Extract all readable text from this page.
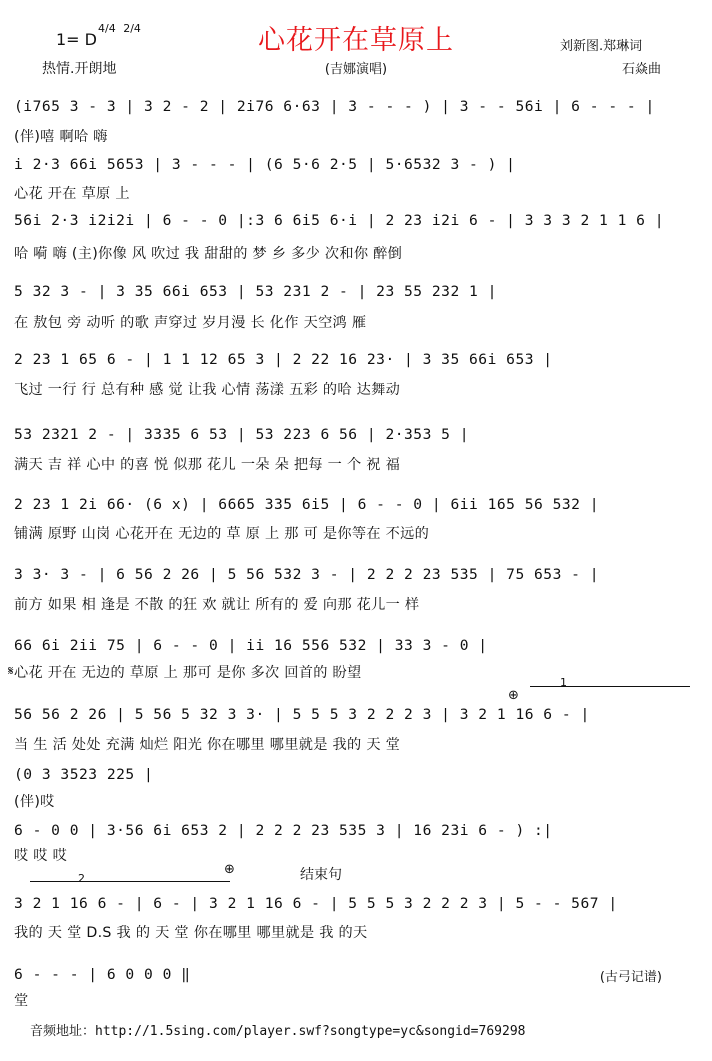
心花开在草原上
1= D
4/4 2/4
热情.开朗地	(吉娜演唱)
刘新图.郑琳词
石焱曲
(i765 3 - 3 | 3 2 - 2 | 2i76 6·63 | 3 - - - ) | 3 - - 56i | 6 - - - |
(伴)嘻 啊哈 嗨
i 2·3 66i 5653 | 3 - - - | (6 5·6 2·5 | 5·6532 3 - ) |
心花 开在 草原 上
56i 2·3 i2i2i | 6 - - 0 |:3 6 6i5 6·i | 2 23 i2i 6 - | 3 3 3 2 1 1 6 |
哈 嗬 嗨 (主)你像 风 吹过 我 甜甜的 梦 乡 多少 次和你 醉倒
5 32 3 - | 3 35 66i 653 | 53 231 2 - | 23 55 232 1 |
在 敖包 旁 动听 的歌 声穿过 岁月漫 长 化作 天空鸿 雁
2 23 1 65 6 - | 1 1 12 65 3 | 2 22 16 23· | 3 35 66i 653 |
飞过 一行 行 总有种 感 觉 让我 心情 荡漾 五彩 的哈 达舞动
53 2321 2 - | 3335 6 53 | 53 223 6 56 | 2·353 5 |
满天 吉 祥 心中 的喜 悦 似那 花儿 一朵 朵 把每 一 个 祝 福
2 23 1 2i 66· (6 x) | 6665 335 6i5 | 6 - - 0 | 6ii 165 56 532 |
铺满 原野 山岗 心花开在 无边的 草 原 上 那 可 是你等在 不远的
3 3· 3 - | 6 56 2 26 | 5 56 532 3 - | 2 2 2 23 535 | 75 653 - |
前方 如果 相 逢是 不散 的狂 欢 就让 所有的 爱 向那 花儿一 样
66 6i 2ii 75 | 6 - - 0 | ii 16 556 532 | 33 3 - 0 |
心花 开在 无边的 草原 上 那可 是你 多次 回首的 盼望
𝄋
1
⊕
56 56 2 26 | 5 56 5 32 3 3· | 5 5 5 3 2 2 2 3 | 3 2 1 16 6 - |
当 生 活 处处 充满 灿烂 阳光 你在哪里 哪里就是 我的 天 堂
(0 3 3523 225 |
(伴)哎
6 - 0 0 | 3·56 6i 653 2 | 2 2 2 23 535 3 | 16 23i 6 - ) :|
哎 哎 哎
2
⊕	结束句
3 2 1 16 6 - | 6 - | 3 2 1 16 6 - | 5 5 5 3 2 2 2 3 | 5 - - 567 |
我的 天 堂 D.S 我 的 天 堂 你在哪里 哪里就是 我 的天
6 - - - | 6 0 0 0 ‖
堂
(古弓记谱)
音频地址：http://1.5sing.com/player.swf?songtype=yc&songid=769298
